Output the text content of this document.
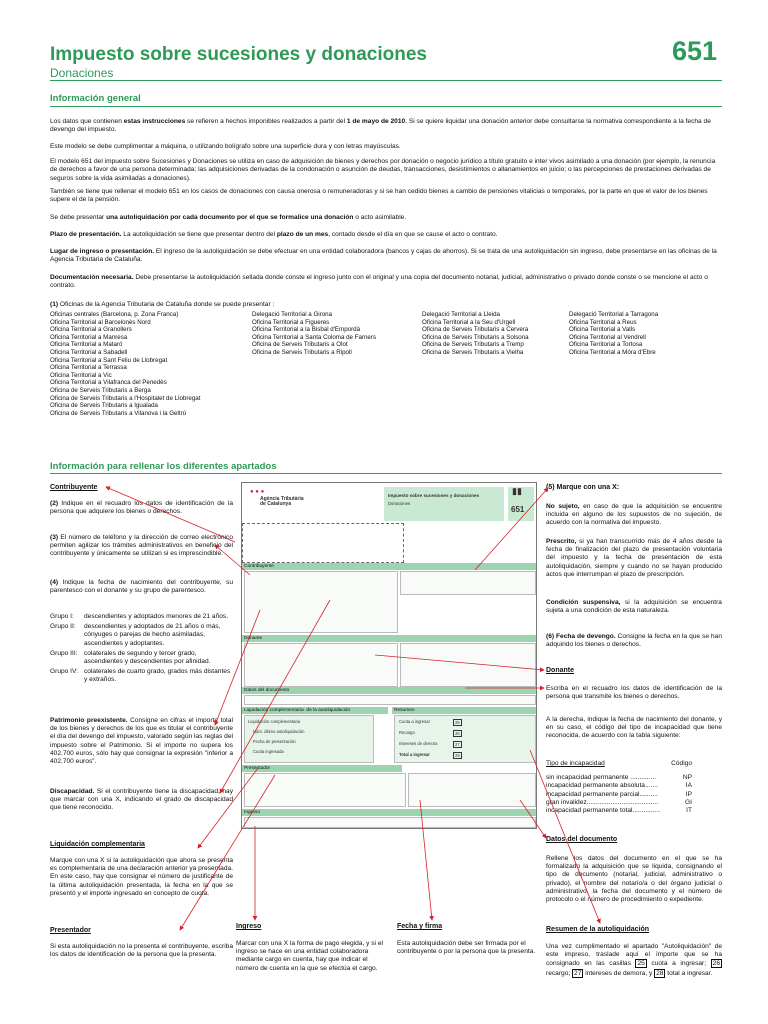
Impuesto sobre sucesiones y donaciones
Donaciones
651
Información general
Los datos que contienen estas instrucciones se refieren a hechos imponibles realizados a partir del 1 de mayo de 2010. Si se quiere liquidar una donación anterior debe consultarse la normativa correspondiente a la fecha de devengo del impuesto.
Este modelo se debe cumplimentar a máquina, o utilizando bolígrafo sobre una superficie dura y con letras mayúsculas.
El modelo 651 del impuesto sobre Sucesiones y Donaciones se utiliza en caso de adquisición de bienes y derechos por donación o negocio jurídico a título gratuito e inter vivos asimilado a una donación (por ejemplo, la renuncia de derechos a favor de una persona determinada; las adquisiciones derivadas de la condonación o asunción de deudas, transacciones, desistimientos o allanamientos en juicio; o las percepciones de prestaciones derivadas de seguros sobre la vida asimiladas a donaciones).
También se tiene que rellenar el modelo 651 en los casos de donaciones con causa onerosa o remuneradoras y si se han cedido bienes a cambio de pensiones vitalicias o temporales, por la parte en que el valor de los bienes supere el de la pensión.
Se debe presentar una autoliquidación por cada documento por el que se formalice una donación o acto asimilable.
Plazo de presentación. La autoliquidación se tiene que presentar dentro del plazo de un mes, contado desde el día en que se cause el acto o contrato.
Lugar de ingreso o presentación. El ingreso de la autoliquidación se debe efectuar en una entidad colaboradora (bancos y cajas de ahorros). Si se trata de una autoliquidación sin ingreso, debe presentarse en las oficinas de la Agencia Tributaria de Cataluña.
Documentación necesaria. Debe presentarse la autoliquidación sellada donde conste el ingreso junto con el original y una copia del documento notarial, judicial, administrativo o privado donde conste o se mencione el acto o contrato.
(1) Oficinas de la Agencia Tributaria de Cataluña donde se puede presentar :
Oficinas centrales (Barcelona, p. Zona Franca)
Oficina Territorial al Barcelonès Nord
Oficina Territorial a Granollers
Oficina Territorial a Manresa
Oficina Territorial a Mataró
Oficina Territorial a Sabadell
Oficina Territorial a Sant Feliu de Llobregat
Oficina Territorial a Terrassa
Oficina Territorial a Vic
Oficina Territorial a Vilafranca del Penedès
Oficina de Serveis Tributaris a Berga
Oficina de Serveis Tributaris a l'Hospitalet de Llobregat
Oficina de Serveis Tributaris a Igualada
Oficina de Serveis Tributaris a Vilanova i la Geltrú
Delegació Territorial a Girona
Oficina Territorial a Figueres
Oficina Territorial a la Bisbal d'Empordà
Oficina Territorial a Santa Coloma de Farners
Oficina de Serveis Tributaris a Olot
Oficina de Serveis Tributaris a Ripoll
Delegació Territorial a Lleida
Oficina Territorial a la Seu d'Urgell
Oficina de Serveis Tributaris a Cervera
Oficina de Serveis Tributaris a Solsona
Oficina de Serveis Tributaris a Tremp
Oficina de Serveis Tributaris a Vielha
Delegació Territorial a Tarragona
Oficina Territorial a Reus
Oficina Territorial a Valls
Oficina Territorial al Vendrell
Oficina Territorial a Tortosa
Oficina Territorial a Móra d'Ebre
Información para rellenar los diferentes apartados
Contribuyente
(2) Indique en el recuadro los datos de identificación de la persona que adquiere los bienes o derechos.
(3) El número de teléfono y la dirección de correo electrónico permiten agilizar los trámites administrativos en beneficio del contribuyente y únicamente se utilizan si es imprescindible.
(4) Indique la fecha de nacimiento del contribuyente, su parentesco con el donante y su grupo de parentesco.
Grupo I:	descendientes y adoptados menores de 21 años.
Grupo II:	descendientes y adoptados de 21 años o más, cónyuges o parejas de hecho asimiladas, ascendientes y adoptantes.
Grupo III: colaterales de segundo y tercer grado, ascendientes y descendientes por afinidad.
Grupo IV: colaterales de cuarto grado, grados más distantes y extraños.
Patrimonio preexistente. Consigne en cifras el importe total de los bienes y derechos de los que es titular el contribuyente el día del devengo del impuesto, valorado según las reglas del impuesto sobre el Patrimonio. Si el importe no supera los 402.700 euros, sólo hay que consignar la expresión "inferior a 402.700 euros".
Discapacidad. Si el contribuyente tiene la discapacidad, hay que marcar con una X, indicando el grado de discapacidad que tiene reconocido.
Liquidación complementaria
Marque con una X si la autoliquidación que ahora se presenta es complementaria de una declaración anterior ya presentada. En este caso, hay que consignar el número de justificante de la última autoliquidación presentada, la fecha en la que se presentó y el importe ingresado en concepto de cuota.
Presentador
Si esta autoliquidación no la presenta el contribuyente, escriba los datos de identificación de la persona que la presenta.
Ingreso
Marcar con una X la forma de pago elegida, y si el ingreso se hace en una entidad colaboradora mediante cargo en cuenta, hay que indicar el número de cuenta en la que se efectúa el cargo.
Fecha y firma
Esta autoliquidación debe ser firmada por el contribuyente o por la persona que la presenta.
(5) Marque con una X:
No sujeto, en caso de que la adquisición se encuentre incluida en alguno de los supuestos de no sujeción, de acuerdo con la normativa del impuesto.
Prescrito, si ya han transcurrido más de 4 años desde la fecha de finalización del plazo de presentación voluntaria del impuesto y la fecha de presentación de esta autoliquidación, siempre y cuando no se hayan producido actos que interrumpan el plazo de prescripción.
Condición suspensiva, si la adquisición se encuentra sujeta a una condición de esta naturaleza.
(6) Fecha de devengo. Consigne la fecha en la que se han adquirido los bienes o derechos.
Donante
Escriba en el recuadro los datos de identificación de la persona que transmite los bienes o derechos.
A la derecha, indique la fecha de nacimiento del donante, y en su caso, el código del tipo de incapacidad que tiene reconocida, de acuerdo con la tabla siguiente:
Tipo de incapacidad	Código
sin incapacidad permanente ..............	NP
incapacidad permanente absoluta.......	IA
incapacidad permanente parcial..........	IP
gran invalidez.......................................	GI
incapacidad permanente total...............	IT
Datos del documento
Rellene los datos del documento en el que se ha formalizado la adquisición que se liquida, consignando el tipo de documento (notarial, judicial, administrativo o privado), el nombre del notario/a o del órgano judicial o administrativo, la fecha del documento y el número de protocolo o el número de procedimiento o expediente.
Resumen de la autoliquidación
Una vez cumplimentado el apartado "Autoliquidación" de este impreso, traslade aquí el importe que se ha consignado en las casillas 25 cuota a ingresar; 26 recargo; 27 intereses de demora, y 28 total a ingresar.
● ● ●
Agència Tributària
de Catalunya
Impuesto sobre sucesiones y donaciones
Donaciones
▮▮
651
Contribuyente
Donante
Datos del documento
Liquidación complementaria de la autoliquidación	Resumen
Liquidación complementaria
Núm. último autoliquidación
Fecha de presentación
Cuota ingresada
Cuota a ingresar	25
Recargo	26
Intereses de demora	27
Total a ingresar	28
Presentador
Ingreso
